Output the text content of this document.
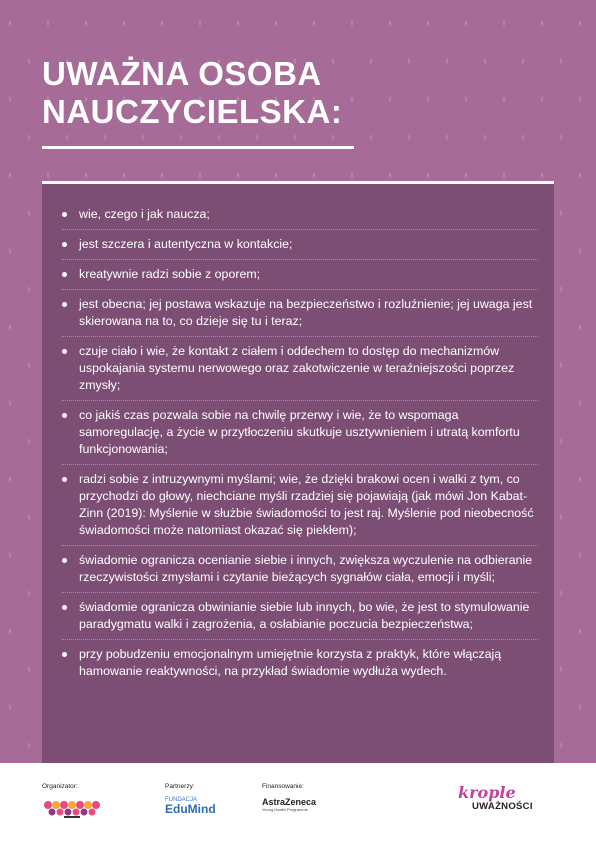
UWAŻNA OSOBA
NAUCZYCIELSKA:
wie, czego i jak naucza;
jest szczera i autentyczna w kontakcie;
kreatywnie radzi sobie z oporem;
jest obecna; jej postawa wskazuje na bezpieczeństwo i rozluźnienie; jej uwaga jest skierowana na to, co dzieje się tu i teraz;
czuje ciało i wie, że kontakt z ciałem i oddechem to dostęp do mechanizmów uspokajania systemu nerwowego oraz zakotwiczenie w teraźniejszości poprzez zmysły;
co jakiś czas pozwala sobie na chwilę przerwy i wie, że to wspomaga samoregulację, a życie w przytłoczeniu skutkuje usztywnieniem i utratą komfortu funkcjonowania;
radzi sobie z intruzywnymi myślami; wie, że dzięki brakowi ocen i walki z tym, co przychodzi do głowy, niechciane myśli rzadziej się pojawiają (jak mówi Jon Kabat-Zinn (2019): Myślenie w służbie świadomości to jest raj. Myślenie pod nieobecność świadomości może natomiast okazać się piekłem);
świadomie ogranicza ocenianie siebie i innych, zwiększa wyczulenie na odbieranie rzeczywistości zmysłami i czytanie bieżących sygnałów ciała, emocji i myśli;
świadomie ogranicza obwinianie siebie lub innych, bo wie, że jest to stymulowanie paradygmatu walki i zagrożenia, a osłabianie poczucia bezpieczeństwa;
przy pobudzeniu emocjonalnym umiejętnie korzysta z praktyk, które włączają hamowanie reaktywności, na przykład świadomie wydłuża wydech.
Organizator:	Partnerzy:
FUNDACJA
EduMind
Finansowanie:
AstraZeneca
Young Health Programme
krople
UWAŻNOŚCI
